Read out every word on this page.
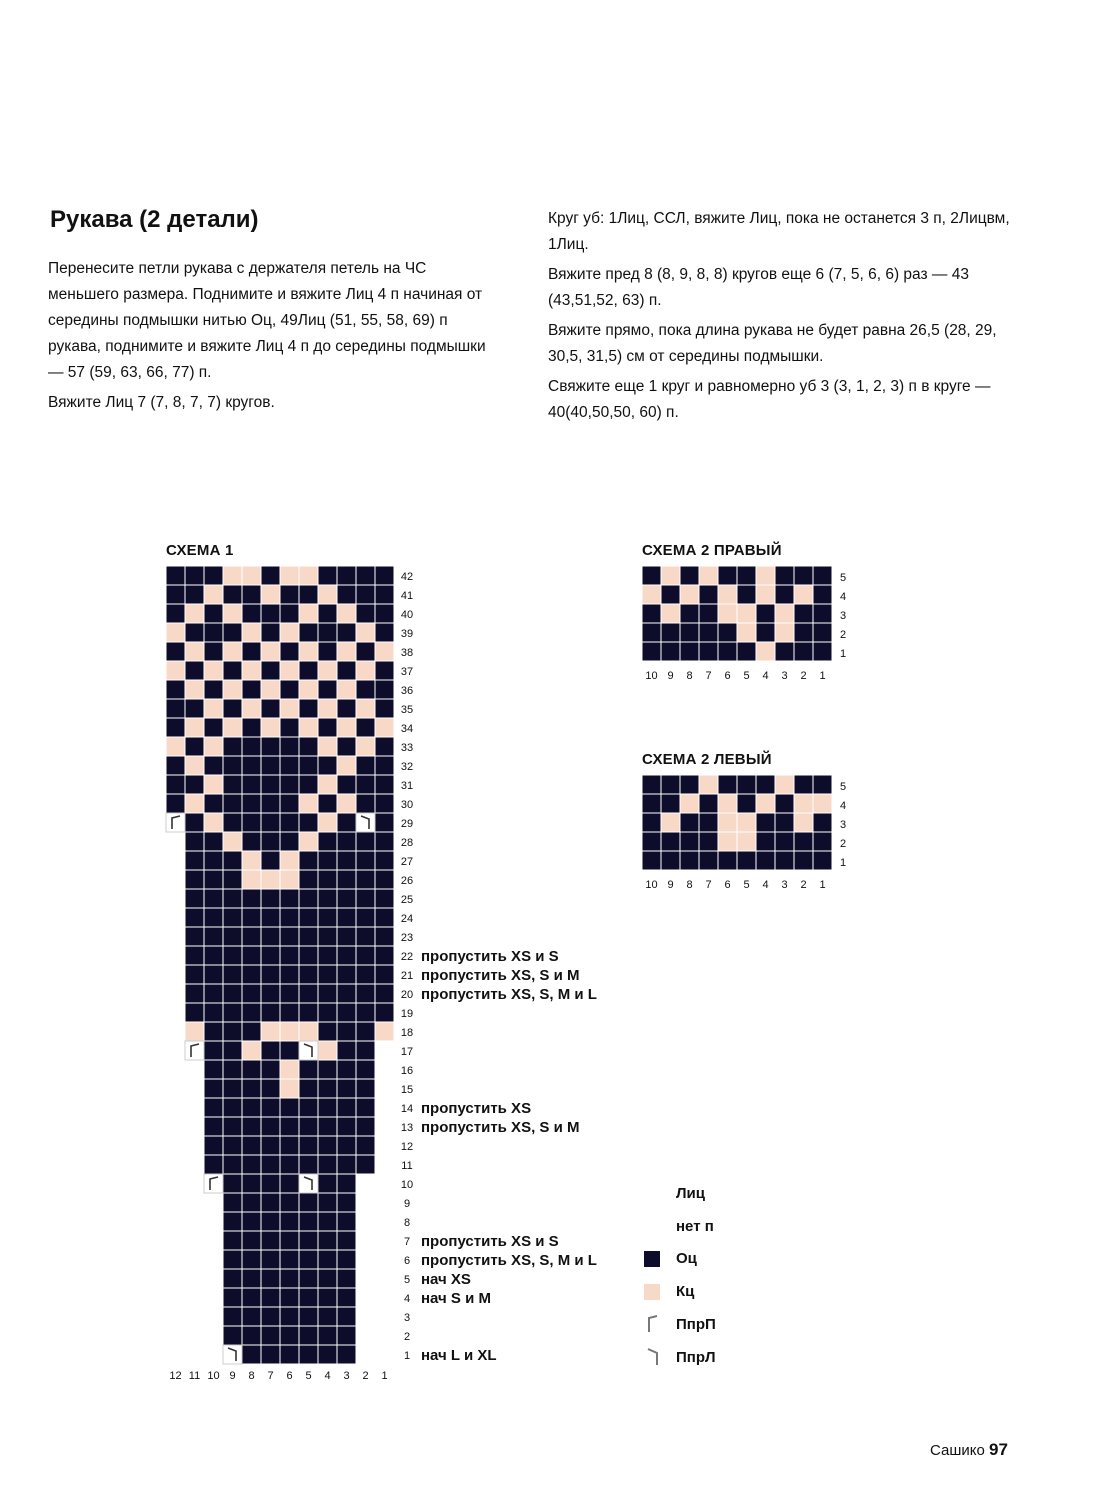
Рукава (2 детали)

Перенесите петли рукава с держателя петель на ЧС меньшего размера. Поднимите и вяжите Лиц 4 п начиная от середины подмышки нитью Оц, 49Лиц (51, 55, 58, 69) п рукава, поднимите и вяжите Лиц 4 п до середины подмышки — 57 (59, 63, 66, 77) п.

Вяжите Лиц 7 (7, 8, 7, 7) кругов.

Круг уб: 1Лиц, ССЛ, вяжите Лиц, пока не останется 3 п, 2Лицвм, 1Лиц.

Вяжите пред 8 (8, 9, 8, 8) кругов еще 6 (7, 5, 6, 6) раз — 43 (43,51,52, 63) п.

Вяжите прямо, пока длина рукава не будет равна 26,5 (28, 29, 30,5, 31,5) см от середины подмышки.

Свяжите еще 1 круг и равномерно уб 3 (3, 1, 2, 3) п в круге — 40(40,50,50, 60) п.

СХЕМА 1	СХЕМА 2 ПРАВЫЙ
СХЕМА 2 ЛЕВЫЙ
1
2
3
4
5
6
7
8
9
10
11
12
13
14
15
16
17
18
19
20
21
22
23
24
25
26
27
28
29
30
31
32
33
34
35
36
37
38
39
40
41
42
1
2
3
4
5
6
7
8
9
10
11
12
пропустить XS и S
пропустить XS, S и M
пропустить XS, S, M и L
пропустить XS
пропустить XS, S и M
пропустить XS и S
пропустить XS, S, M и L
нач XS
нач S и M
нач L и XL
1
2
3
4
5
1
2
3
4
5
6
7
8
9
10
1
2
3
4
5
1
2
3
4
5
6
7
8
9
10
Лиц
нет п
Оц
Кц
ПпрП
ПпрЛ
Сашико 97
